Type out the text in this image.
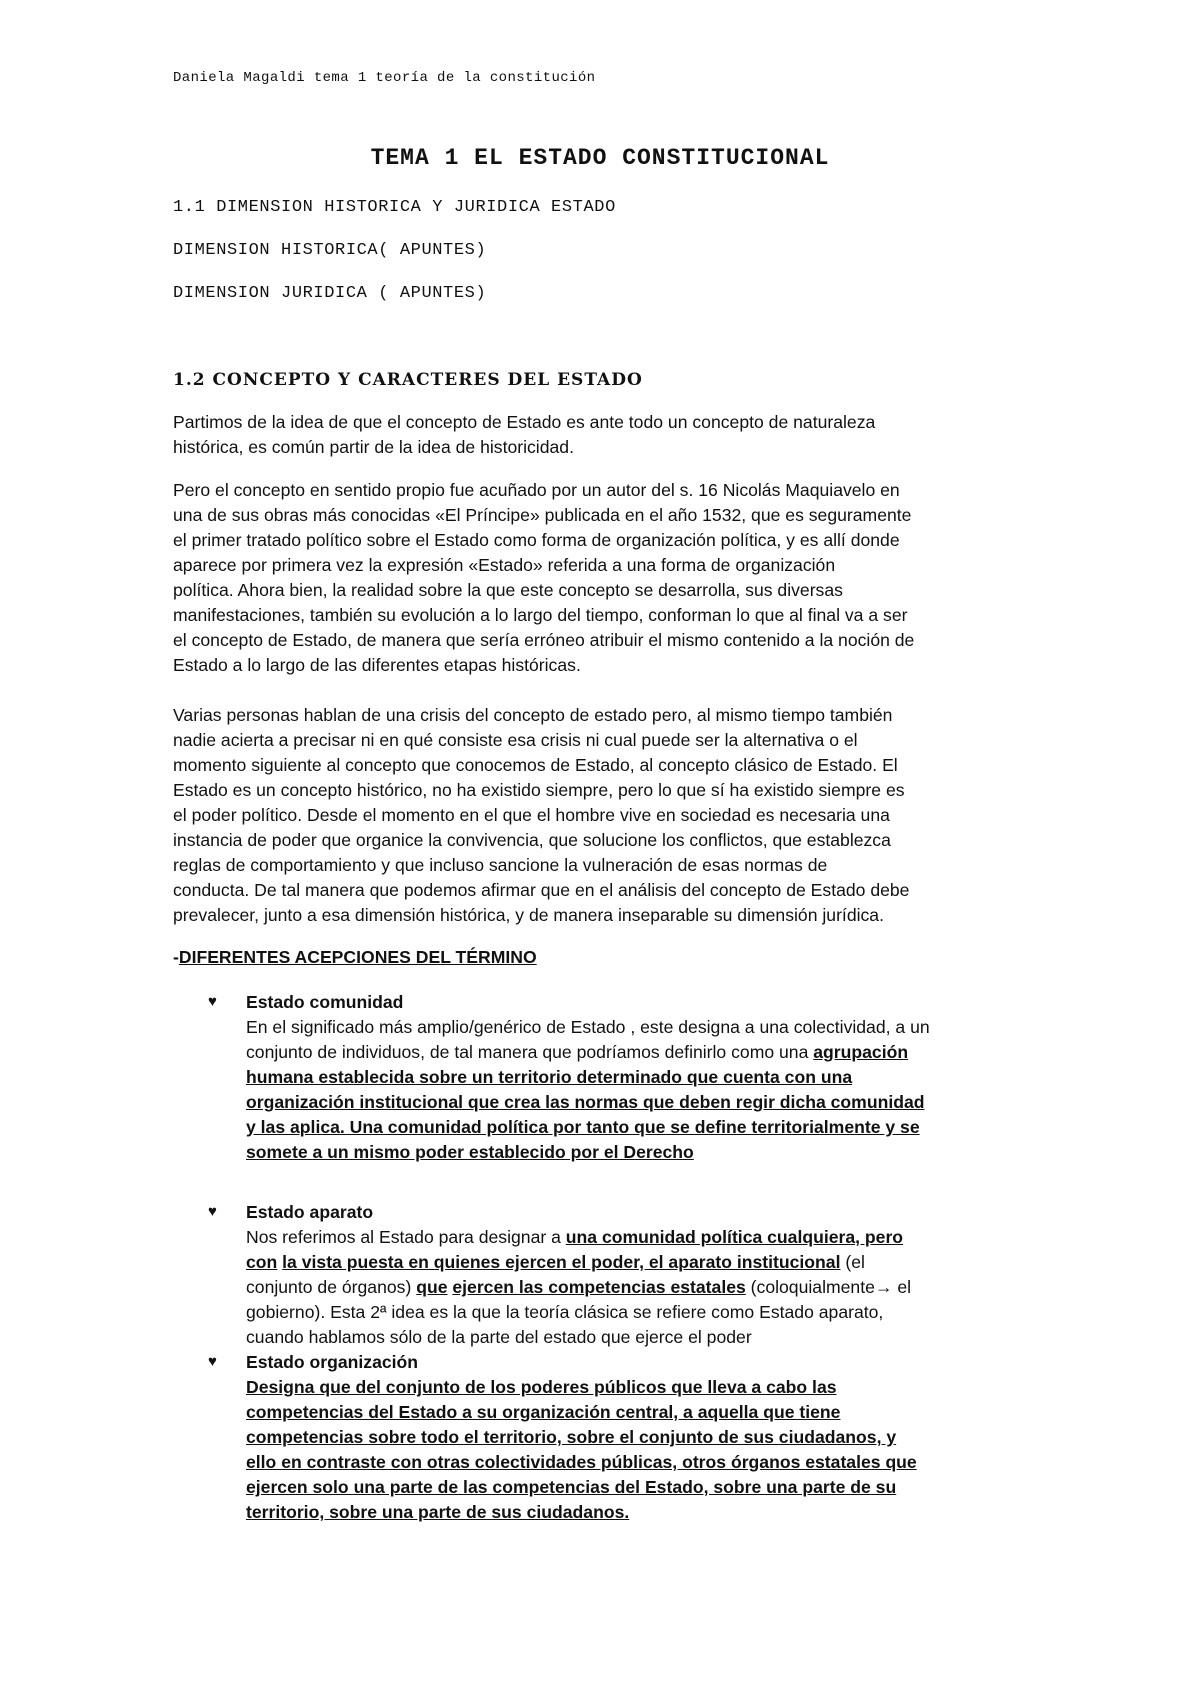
Daniela Magaldi tema 1 teoría de la constitución
TEMA 1 EL ESTADO CONSTITUCIONAL
1.1 DIMENSION HISTORICA Y JURIDICA ESTADO
DIMENSION HISTORICA( APUNTES)
DIMENSION JURIDICA ( APUNTES)
1.2 CONCEPTO Y CARACTERES DEL ESTADO
Partimos de la idea de que el concepto de Estado es ante todo un concepto de naturaleza
histórica, es común partir de la idea de historicidad.
Pero el concepto en sentido propio fue acuñado por un autor del s. 16 Nicolás Maquiavelo en
una de sus obras más conocidas «El Príncipe» publicada en el año 1532, que es seguramente
el primer tratado político sobre el Estado como forma de organización política, y es allí donde
aparece por primera vez la expresión «Estado» referida a una forma de organización
política. Ahora bien, la realidad sobre la que este concepto se desarrolla, sus diversas
manifestaciones, también su evolución a lo largo del tiempo, conforman lo que al final va a ser
el concepto de Estado, de manera que sería erróneo atribuir el mismo contenido a la noción de
Estado a lo largo de las diferentes etapas históricas.
Varias personas hablan de una crisis del concepto de estado pero, al mismo tiempo también
nadie acierta a precisar ni en qué consiste esa crisis ni cual puede ser la alternativa o el
momento siguiente al concepto que conocemos de Estado, al concepto clásico de Estado. El
Estado es un concepto histórico, no ha existido siempre, pero lo que sí ha existido siempre es
el poder político. Desde el momento en el que el hombre vive en sociedad es necesaria una
instancia de poder que organice la convivencia, que solucione los conflictos, que establezca
reglas de comportamiento y que incluso sancione la vulneración de esas normas de
conducta. De tal manera que podemos afirmar que en el análisis del concepto de Estado debe
prevalecer, junto a esa dimensión histórica, y de manera inseparable su dimensión jurídica.
-DIFERENTES ACEPCIONES DEL TÉRMINO
♥ Estado comunidad
En el significado más amplio/genérico de Estado , este designa a una colectividad, a un
conjunto de individuos, de tal manera que podríamos definirlo como una agrupación
humana establecida sobre un territorio determinado que cuenta con una
organización institucional que crea las normas que deben regir dicha comunidad
y las aplica. Una comunidad política por tanto que se define territorialmente y se
somete a un mismo poder establecido por el Derecho
♥ Estado aparato
Nos referimos al Estado para designar a una comunidad política cualquiera, pero
con la vista puesta en quienes ejercen el poder, el aparato institucional (el
conjunto de órganos) que ejercen las competencias estatales (coloquialmente→ el
gobierno). Esta 2ª idea es la que la teoría clásica se refiere como Estado aparato,
cuando hablamos sólo de la parte del estado que ejerce el poder
♥ Estado organización
Designa que del conjunto de los poderes públicos que lleva a cabo las
competencias del Estado a su organización central, a aquella que tiene
competencias sobre todo el territorio, sobre el conjunto de sus ciudadanos, y
ello en contraste con otras colectividades públicas, otros órganos estatales que
ejercen solo una parte de las competencias del Estado, sobre una parte de su
territorio, sobre una parte de sus ciudadanos.
